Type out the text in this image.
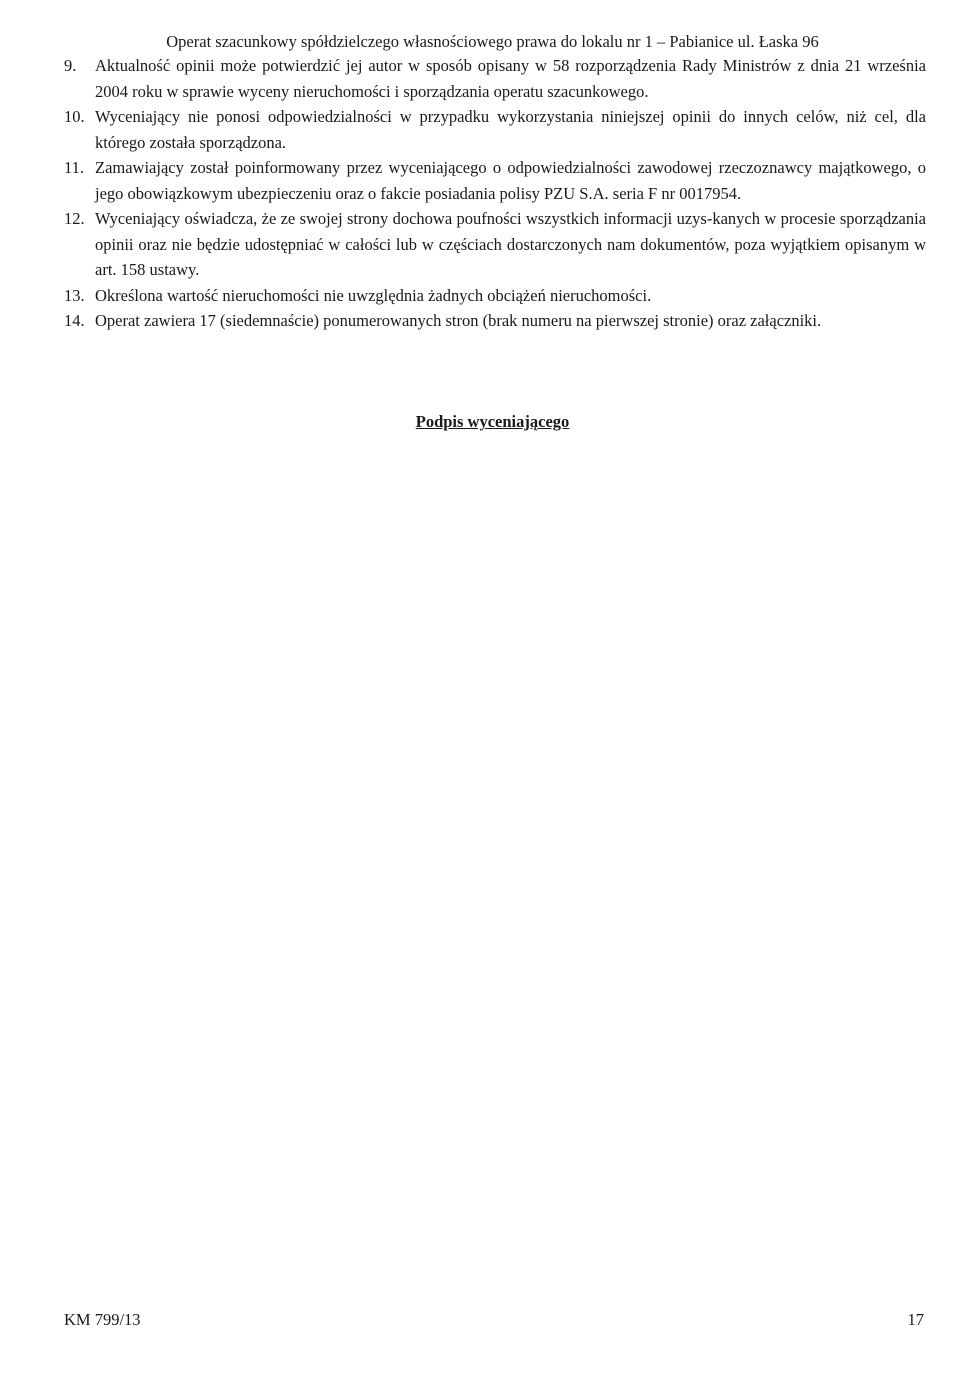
Operat szacunkowy spółdzielczego własnościowego prawa do lokalu nr 1 – Pabianice ul. Łaska 96
9. Aktualność opinii może potwierdzić jej autor w sposób opisany w 58 rozporządzenia Rady Ministrów z dnia 21 września 2004 roku w sprawie wyceny nieruchomości i sporządzania operatu szacunkowego.
10. Wyceniający nie ponosi odpowiedzialności w przypadku wykorzystania niniejszej opinii do innych celów, niż cel, dla którego została sporządzona.
11. Zamawiający został poinformowany przez wyceniającego o odpowiedzialności zawodowej rzeczoznawcy majątkowego, o jego obowiązkowym ubezpieczeniu oraz o fakcie posiadania polisy PZU S.A. seria F nr 0017954.
12. Wyceniający oświadcza, że ze swojej strony dochowa poufności wszystkich informacji uzys-kanych w procesie sporządzania opinii oraz nie będzie udostępniać w całości lub w częściach dostarczonych nam dokumentów, poza wyjątkiem opisanym w art. 158 ustawy.
13. Określona wartość nieruchomości nie uwzględnia żadnych obciążeń nieruchomości.
14. Operat zawiera 17 (siedemnaście) ponumerowanych stron (brak numeru na pierwszej stronie) oraz załączniki.
Podpis wyceniającego
KM 799/13	17
